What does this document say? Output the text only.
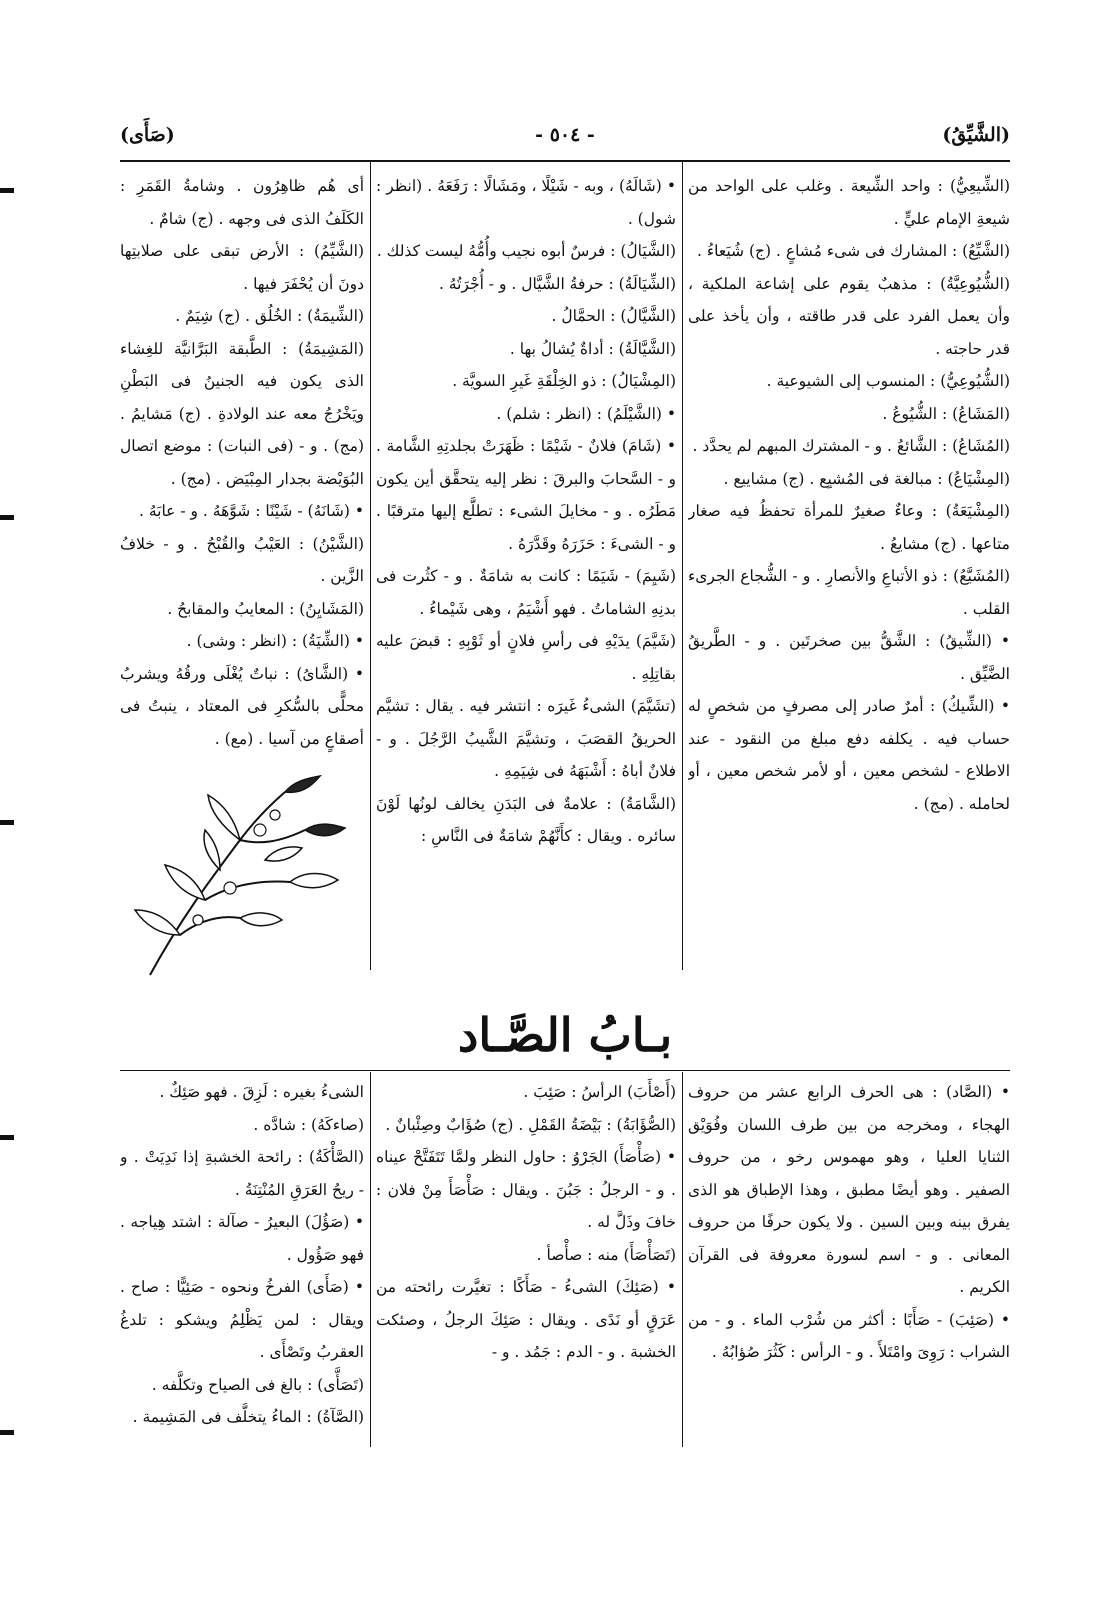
(الشَّيِّقُ)
- ٥٠٤ -
(صَأَى)

(الشِّيعِيُّ) : واحد الشِّيعة . وغلب على الواحد من شيعةِ الإمام عليٍّ .

(الشَّيِّعُ) : المشارك فى شىء مُشاعٍ . (ج) شُيَعاءُ .

(الشُّيُوعِيَّةُ) : مذهبٌ يقوم على إشاعة الملكية ، وأن يعمل الفرد على قدر طاقته ، وأن يأخذ على قدر حاجته .

(الشُّيُوعِيُّ) : المنسوب إلى الشيوعية .

(المَشَاعُ) : الشُّيُوعُ .

(المُشَاعُ) : الشَّائعُ . و - المشترك المبهم لم يحدَّد .

(المِشْيَاعُ) : مبالغة فى المُشيِع . (ج) مشاييع .

(المِشْيَعَةُ) : وعاءٌ صغيرٌ للمرأة تحفظُ فيه صغار متاعها . (ج) مشايعُ .

(المُشَيَّعُ) : ذو الأتباعِ والأنصارِ . و - الشُّجاع الجرىء القلب .

• (الشِّيقُ) : الشَّقُّ بين صخرتَين . و - الطَّريقُ الضَّيِّق .

• (الشِّيكُ) : أمرٌ صادر إلى مصرفٍ من شخصٍ له حساب فيه . يكلفه دفع مبلغ من النقود - عند الاطلاع - لشخص معين ، أو لأمر شخص معين ، أو لحامله . (مج) .

• (شَالَهُ) ، وبه - شَيْلًا ، ومَشَالًا : رَفَعَهُ . (انظر : شول) .

(الشَّيَالُ) : فرسٌ أبوه نجيب وأُمُّهُ ليست كذلك .

(الشِّيَالَةُ) : حرفةُ الشَّيَّال . و - أُجْرَتُهُ .

(الشَّيَّالُ) : الحمَّالُ .

(الشَّيَّالَةُ) : أداةٌ يُشالُ بها .

(المِشْيَالُ) : ذو الخِلْقَةِ غَيرِ السويَّة .

• (الشَّيْلَمُ) : (انظر : شلم) .

• (شَامَ) فلانٌ - شَيْمًا : ظَهَرَتْ بجلدتِهِ الشَّامة . و - السَّحابَ والبرقَ : نظر إليه يتحقَّق أين يكون مَطَرُه . و - مخايلَ الشىء : تطلَّع إليها مترقبًا . و - الشىءَ : حَزَرَهُ وقَدَّرَهُ .

(شَيِمَ) - شَيَمًا : كانت به شامَةٌ . و - كثُرت فى بدنِهِ الشاماتُ . فهو أَشْيَمُ ، وهى شَيْماءُ .

(شَيَّمَ) يدَيْهِ فى رأسِ فلانٍ أو ثَوْبِهِ : قبضَ عليه بقاتِلِهِ .

(تشَيَّمَ) الشىءُ غَيرَه : انتشر فيه . يقال : تشيَّم الحريقُ القصَبَ ، وتشيَّمَ الشَّيبُ الرَّجُلَ . و - فلانٌ أباهُ : أَشْبَهَهُ فى شِيَمِهِ .

(الشَّامَةُ) : علامةٌ فى البَدَنِ يخالف لونُها لَوْنَ سائره . ويقال : كأَنَّهُمْ شامَةٌ فى النَّاسِ :

أى هُم ظاهِرُون . وشامةُ القَمَرِ : الكَلَفُ الذى فى وجهه . (ج) شامٌ .

(الشَّيِّمُ) : الأرض تبقى على صلابتِها دونَ أن يُحْفَرَ فيها .

(الشِّيمَةُ) : الخُلُق . (ج) شِيَمٌ .

(المَشِيمَةُ) : الطَّبقة البَرَّانيَّة للغِشاء الذى يكون فيه الجنينُ فى البَطْنِ ويَخْرُجُ معه عند الولادةِ . (ج) مَشايمُ . (مج) . و - (فى النبات) : موضع اتصال البُوَيْضة بجدار المِبْيَض . (مج) .

• (شَانَهُ) - شَيْنًا : شَوَّهَهُ . و - عابَهُ .

(الشَّيْنُ) : العَيْبُ والقُبْحُ . و - خلافُ الزَّين .

(المَشَايِنُ) : المعايبُ والمقابحُ .

• (الشِّيَةُ) : (انظر : وشى) .

• (الشَّاىُ) : نباتٌ يُغْلَى ورقُهُ ويشربُ محلًّى بالسُّكرِ فى المعتاد ، ينبتُ فى أصقاعٍ من آسيا . (مع) .

بـابُ الصَّـاد

• (الصَّاد) : هى الحرف الرابع عشر من حروف الهجاء ، ومخرجه من بين طرف اللسان وفُوَيْق الثنايا العليا ، وهو مهموس رخو ، من حروف الصفير . وهو أيضًا مطبق ، وهذا الإطباق هو الذى يفرق بينه وبين السين . ولا يكون حرفًا من حروف المعانى . و - اسم لسورة معروفة فى القرآن الكريم .

• (صَئِبَ) - صَأَبًا : أكثر من شُرْب الماء . و - من الشراب : رَوِىَ وامْتَلأَ . و - الرأس : كَثُرَ صُؤابُهُ .

(أَصْأَبَ) الرأسُ : صَئِبَ .

(الصُّؤَابَةُ) : بَيْضَةُ القَمْلِ . (ج) صُؤَابٌ وصِئْبانٌ .

• (صَأْصَأَ) الجَرْوُ : حاول النظر ولمَّا تَتَفَتَّحْ عيناه . و - الرجلُ : جَبُنَ . ويقال : صَأْصَأَ مِنْ فلان : خافَ وذَلَّ له .

(تَصَأْصَأَ) منه : صأْصأ .

• (صَئِكَ) الشىءُ - صَأَكًا : تغيَّرت رائحته من عَرَقٍ أو نَدًى . ويقال : صَئِكَ الرجلُ ، وصئكت الخشبة . و - الدم : جَمُد . و -

الشىءُ بغيره : لَزِقَ . فهو صَئِكٌ .

(صاءكَهُ) : شادَّه .

(الصَّأْكَةُ) : رائحة الخشبةِ إذا نَدِيَتْ . و - ريحُ العَرَقِ المُنْتِنَةُ .

• (صَؤُلَ) البعيرُ - صآلة : اشتد هِياجه . فهو صَؤُول .

• (صَأَى) الفرخُ ونحوه - صَئِيًّا : صاح . ويقال : لمن يَظْلِمُ ويشكو : تلدغُ العقربُ وتَصْأَى .

(تَصَأَّى) : بالغ فى الصياح وتكلَّفه .

(الصَّآةُ) : الماءُ يتخلَّف فى المَشِيمة .
